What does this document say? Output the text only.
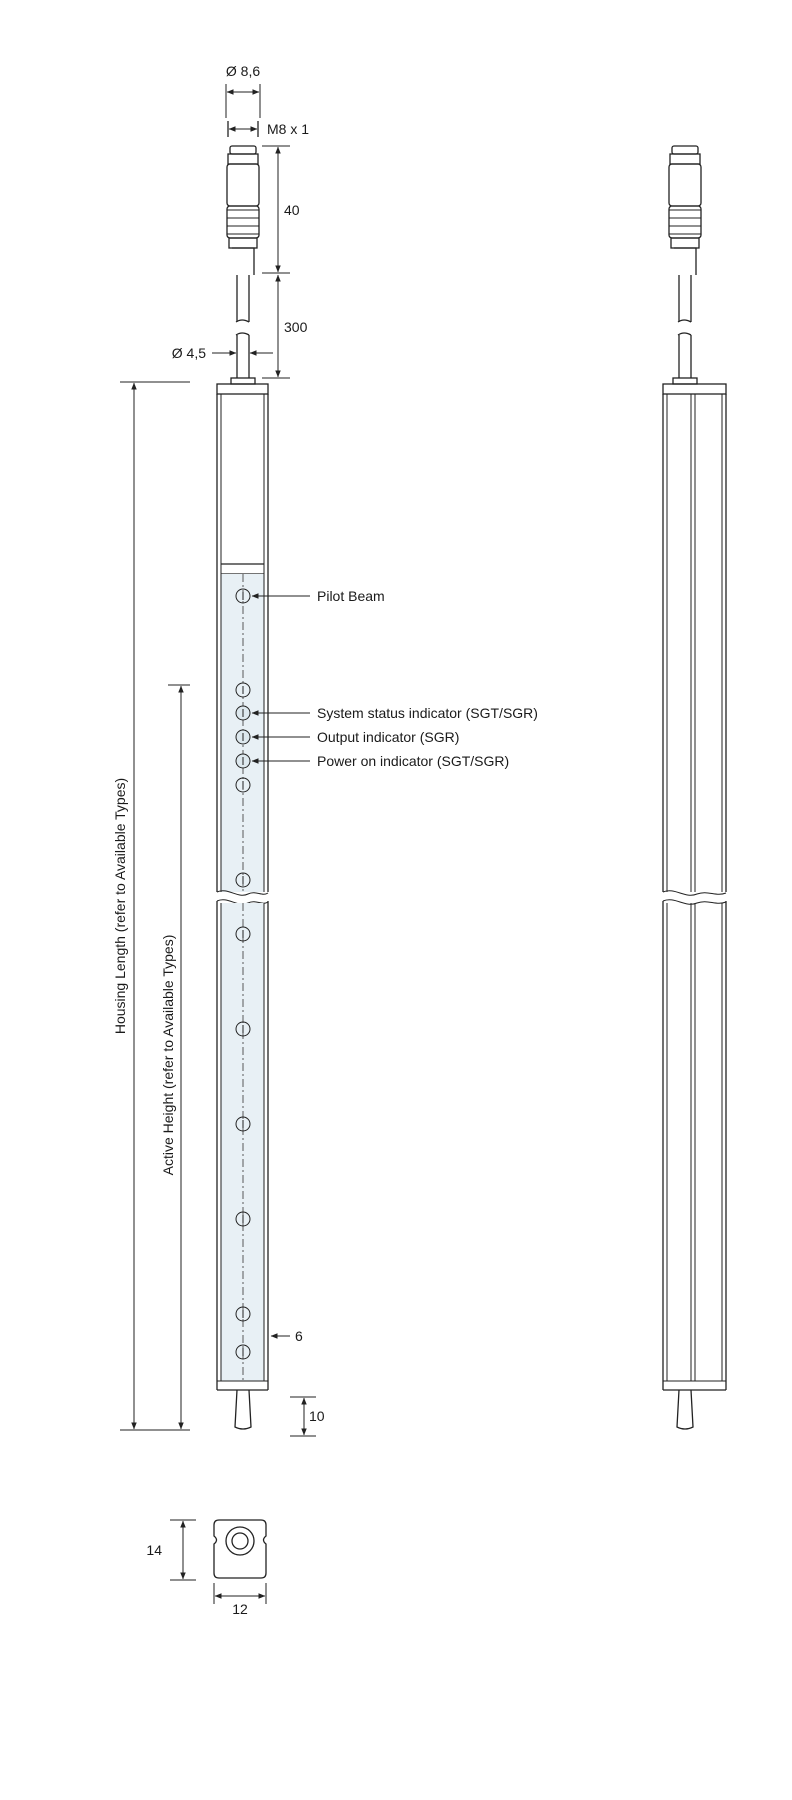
Pilot Beam
System status indicator (SGT/SGR)
Output indicator (SGR)
Power on indicator (SGT/SGR)
Ø 8,6
M8 x 1
40
300
Ø 4,5
Housing Length (refer to Available Types)
Active Height (refer to Available Types)
6
10
14
12
